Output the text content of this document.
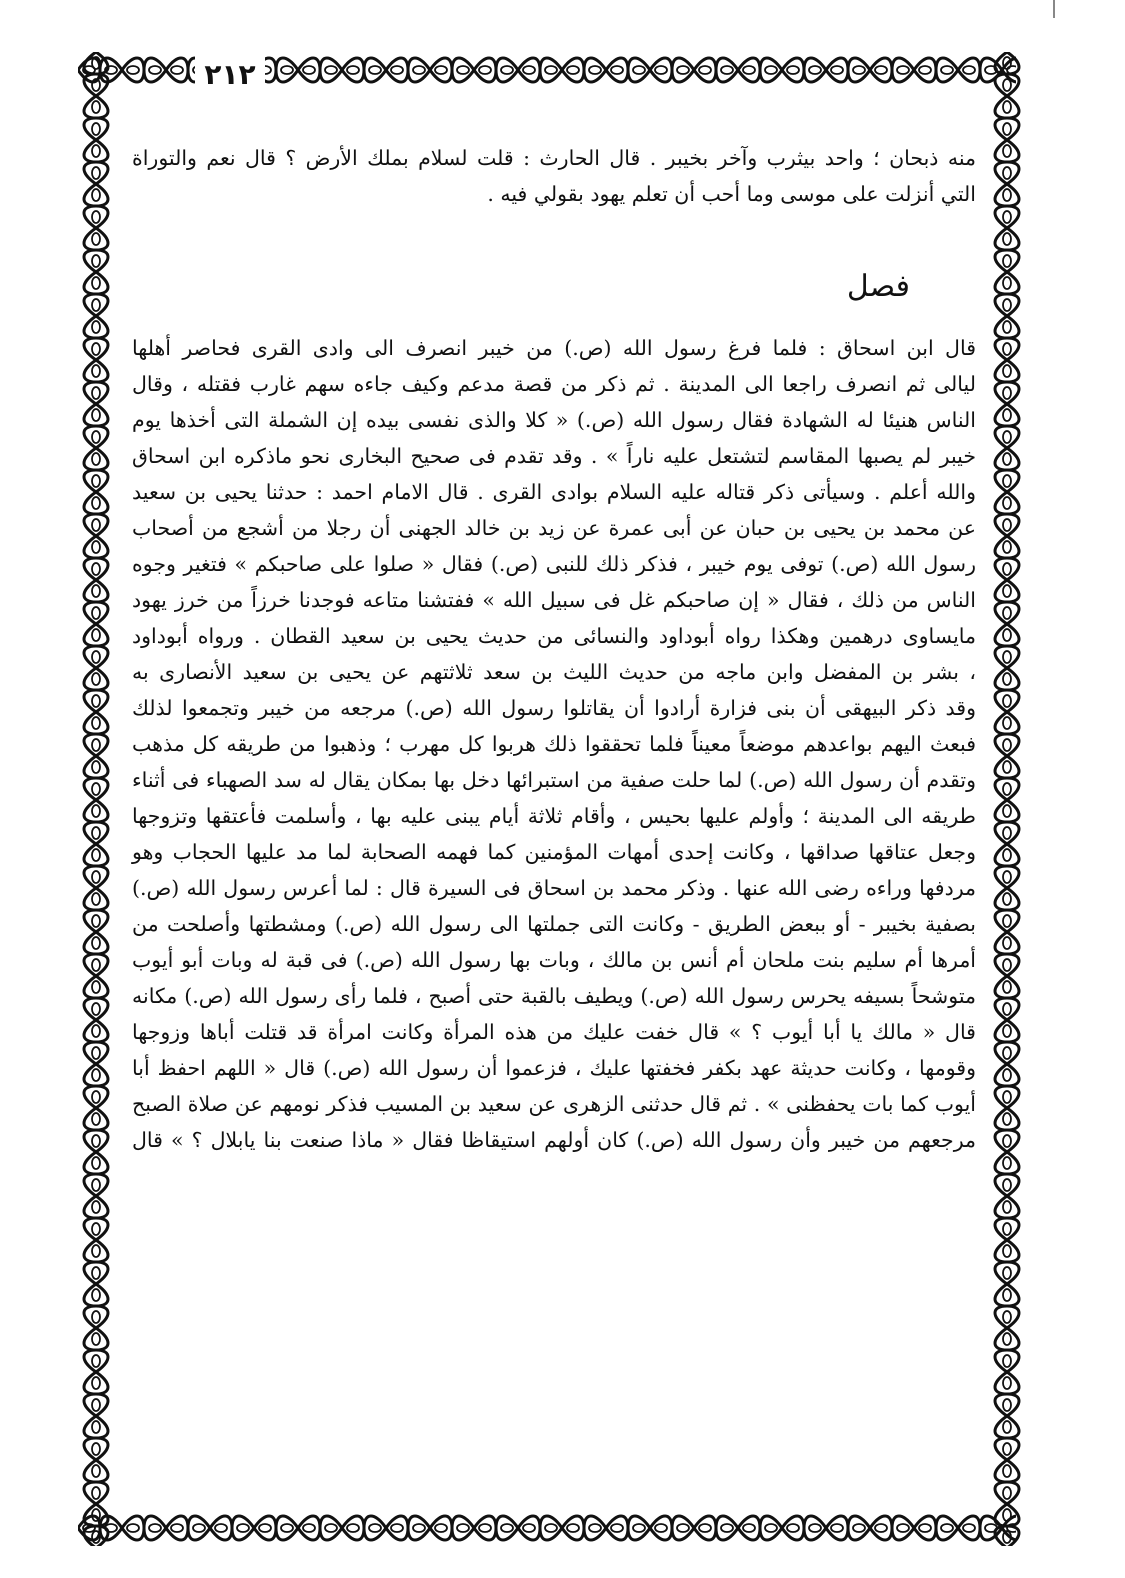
٢١٢

منه ذبحان ؛ واحد بيثرب وآخر بخيبر . قال الحارث : قلت لسلام بملك الأرض ؟ قال نعم والتوراة

التي أنزلت على موسى وما أحب أن تعلم يهود بقولي فيه .

فصل

قال ابن اسحاق : فلما فرغ رسول الله (ص.) من خيبر انصرف الى وادى القرى فحاصر أهلها

ليالى ثم انصرف راجعا الى المدينة . ثم ذكر من قصة مدعم وكيف جاءه سهم غارب فقتله ، وقال

الناس هنيئا له الشهادة فقال رسول الله (ص.) « كلا والذى نفسى بيده إن الشملة التى أخذها يوم

خيبر لم يصبها المقاسم لتشتعل عليه ناراً » . وقد تقدم فى صحيح البخارى نحو ماذكره ابن اسحاق

والله أعلم . وسيأتى ذكر قتاله عليه السلام بوادى القرى . قال الامام احمد : حدثنا يحيى بن سعيد

عن محمد بن يحيى بن حبان عن أبى عمرة عن زيد بن خالد الجهنى أن رجلا من أشجع من أصحاب

رسول الله (ص.) توفى يوم خيبر ، فذكر ذلك للنبى (ص.) فقال « صلوا على صاحبكم » فتغير وجوه

الناس من ذلك ، فقال « إن صاحبكم غل فى سبيل الله » ففتشنا متاعه فوجدنا خرزاً من خرز يهود

مايساوى درهمين وهكذا رواه أبوداود والنسائى من حديث يحيى بن سعيد القطان . ورواه أبوداود

، بشر بن المفضل وابن ماجه من حديث الليث بن سعد ثلاثتهم عن يحيى بن سعيد الأنصارى به

وقد ذكر البيهقى أن بنى فزارة أرادوا أن يقاتلوا رسول الله (ص.) مرجعه من خيبر وتجمعوا لذلك

فبعث اليهم بواعدهم موضعاً معيناً فلما تحققوا ذلك هربوا كل مهرب ؛ وذهبوا من طريقه كل مذهب

وتقدم أن رسول الله (ص.) لما حلت صفية من استبرائها دخل بها بمكان يقال له سد الصهباء فى أثناء

طريقه الى المدينة ؛ وأولم عليها بحيس ، وأقام ثلاثة أيام يبنى عليه بها ، وأسلمت فأعتقها وتزوجها

وجعل عتاقها صداقها ، وكانت إحدى أمهات المؤمنين كما فهمه الصحابة لما مد عليها الحجاب وهو

مردفها وراءه رضى الله عنها . وذكر محمد بن اسحاق فى السيرة قال : لما أعرس رسول الله (ص.)

بصفية بخيبر - أو ببعض الطريق - وكانت التى جملتها الى رسول الله (ص.) ومشطتها وأصلحت من

أمرها أم سليم بنت ملحان أم أنس بن مالك ، وبات بها رسول الله (ص.) فى قبة له وبات أبو أيوب

متوشحاً بسيفه يحرس رسول الله (ص.) ويطيف بالقبة حتى أصبح ، فلما رأى رسول الله (ص.) مكانه

قال « مالك يا أبا أيوب ؟ » قال خفت عليك من هذه المرأة وكانت امرأة قد قتلت أباها وزوجها

وقومها ، وكانت حديثة عهد بكفر فخفتها عليك ، فزعموا أن رسول الله (ص.) قال « اللهم احفظ أبا

أيوب كما بات يحفظنى » . ثم قال حدثنى الزهرى عن سعيد بن المسيب فذكر نومهم عن صلاة الصبح

مرجعهم من خيبر وأن رسول الله (ص.) كان أولهم استيقاظا فقال « ماذا صنعت بنا يابلال ؟ » قال
